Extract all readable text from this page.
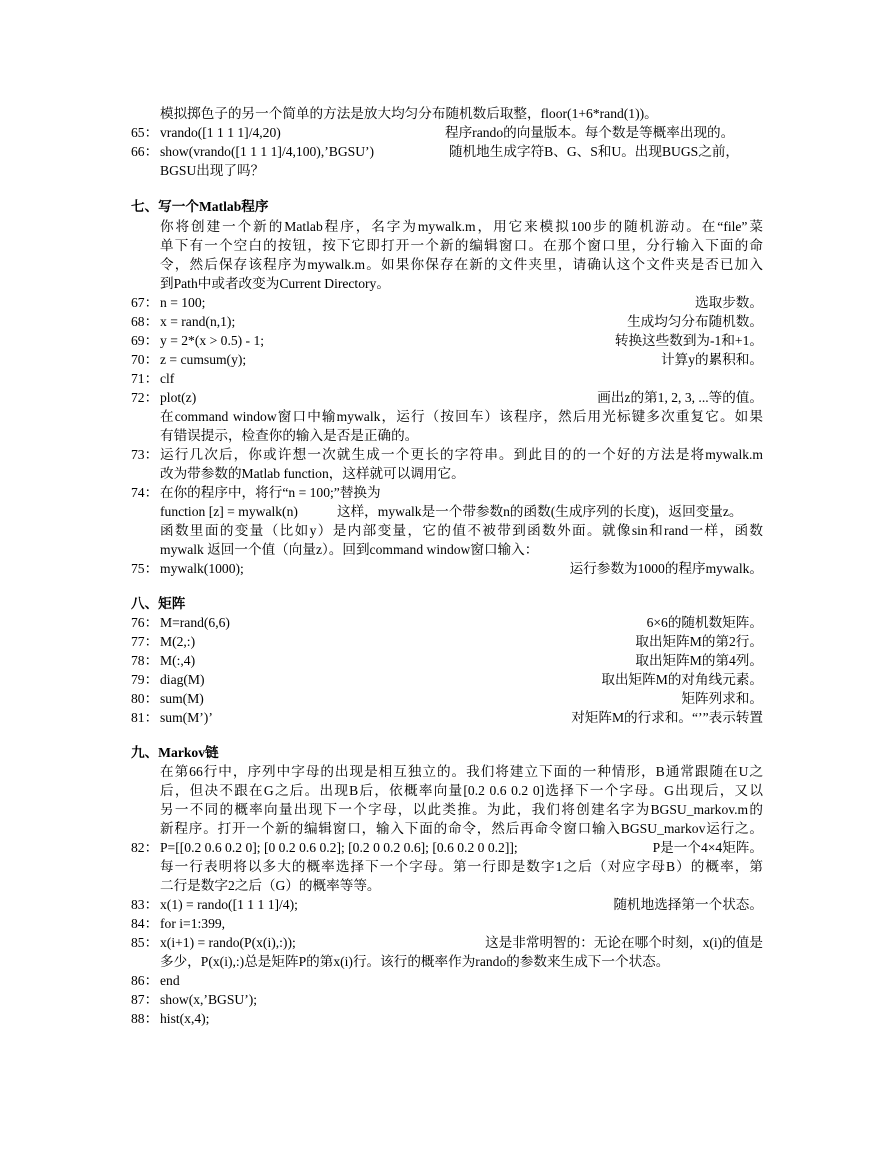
模拟掷色子的另一个简单的方法是放大均匀分布随机数后取整，floor(1+6*rand(1))。
65： vrando([1 1 1 1]/4,20)	程序rando的向量版本。每个数是等概率出现的。
66： show(vrando([1 1 1 1]/4,100),’BGSU’)	随机地生成字符B、G、S和U。出现BUGS之前，
BGSU出现了吗？
七、写一个Matlab程序
你将创建一个新的Matlab程序，名字为mywalk.m，用它来模拟100步的随机游动。在“file”菜
单下有一个空白的按钮，按下它即打开一个新的编辑窗口。在那个窗口里，分行输入下面的命
令，然后保存该程序为mywalk.m。如果你保存在新的文件夹里，请确认这个文件夹是否已加入
到Path中或者改变为Current Directory。
67： n = 100;	选取步数。
68： x = rand(n,1);	生成均匀分布随机数。
69： y = 2*(x > 0.5) - 1;	转换这些数到为-1和+1。
70： z = cumsum(y);	计算y的累积和。
71： clf
72： plot(z)	画出z的第1, 2, 3, ...等的值。
在command window窗口中输mywalk，运行（按回车）该程序，然后用光标键多次重复它。如果
有错误提示，检查你的输入是否是正确的。
73： 运行几次后，你或许想一次就生成一个更长的字符串。到此目的的一个好的方法是将mywalk.m
改为带参数的Matlab function，这样就可以调用它。
74： 在你的程序中，将行“n = 100;”替换为
function [z] = mywalk(n)	这样，mywalk是一个带参数n的函数(生成序列的长度)，返回变量z。
函数里面的变量（比如y）是内部变量，它的值不被带到函数外面。就像sin和rand一样，函数
mywalk 返回一个值（向量z）。回到command window窗口输入：
75： mywalk(1000);	运行参数为1000的程序mywalk。
八、矩阵
76： M=rand(6,6)	6×6的随机数矩阵。
77： M(2,:)	取出矩阵M的第2行。
78： M(:,4)	取出矩阵M的第4列。
79： diag(M)	取出矩阵M的对角线元素。
80： sum(M)	矩阵列求和。
81： sum(M’)’	对矩阵M的行求和。“’”表示转置
九、Markov链
在第66行中，序列中字母的出现是相互独立的。我们将建立下面的一种情形，B通常跟随在U之
后，但决不跟在G之后。出现B后，依概率向量[0.2 0.6 0.2 0]选择下一个字母。G出现后，又以
另一不同的概率向量出现下一个字母，以此类推。为此，我们将创建名字为BGSU_markov.m的
新程序。打开一个新的编辑窗口，输入下面的命令，然后再命令窗口输入BGSU_markov运行之。
82： P=[[0.2 0.6 0.2 0]; [0 0.2 0.6 0.2]; [0.2 0 0.2 0.6]; [0.6 0.2 0 0.2]];	P是一个4×4矩阵。
每一行表明将以多大的概率选择下一个字母。第一行即是数字1之后（对应字母B）的概率，第
二行是数字2之后（G）的概率等等。
83： x(1) = rando([1 1 1 1]/4);	随机地选择第一个状态。
84： for i=1:399,
85： x(i+1) = rando(P(x(i),:));	这是非常明智的：无论在哪个时刻，x(i)的值是
多少，P(x(i),:)总是矩阵P的第x(i)行。该行的概率作为rando的参数来生成下一个状态。
86： end
87： show(x,’BGSU’);
88： hist(x,4);
